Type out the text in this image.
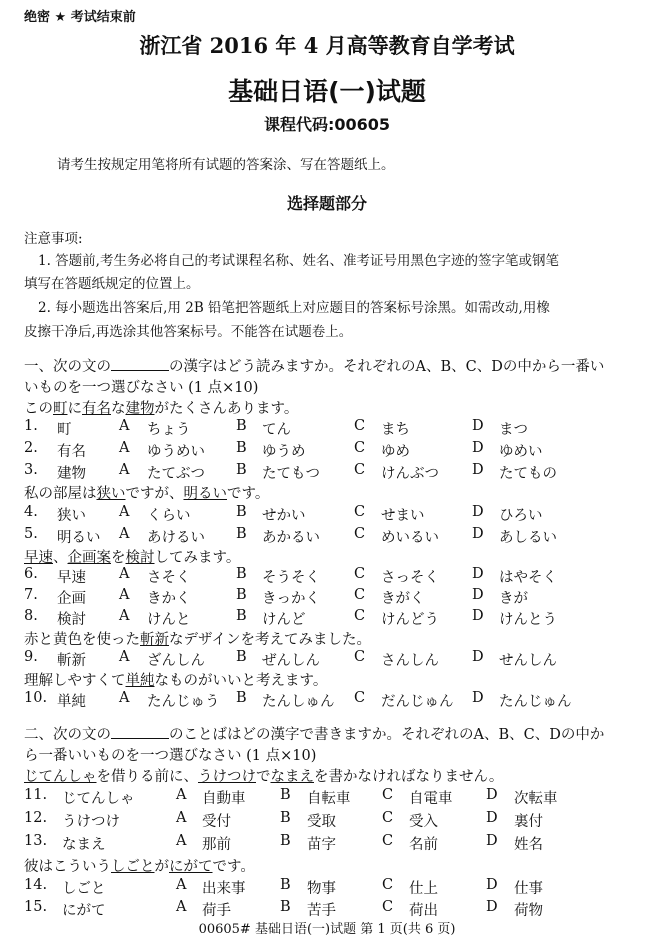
绝密 ★ 考试结束前
浙江省 2016 年 4 月高等教育自学考试
基础日语(一)试题
课程代码:00605
请考生按规定用笔将所有试题的答案涂、写在答题纸上。
选择题部分
注意事项:
1. 答题前,考生务必将自己的考试课程名称、姓名、准考证号用黑色字迹的签字笔或钢笔
填写在答题纸规定的位置上。
2. 每小题选出答案后,用 2B 铅笔把答题纸上对应题目的答案标号涂黑。如需改动,用橡
皮擦干净后,再选涂其他答案标号。不能答在试题卷上。
一、次の文の	の漢字はどう読みますか。それぞれのA、B、C、Dの中から一番い
いものを一つ選びなさい (1 点×10)
この町に有名な建物がたくさんあります。
1. 町	A ちょう	B てん	C まち	D まつ
2. 有名 A ゆうめい B ゆうめ	C ゆめ	D ゆめい
3. 建物 A たてぶつ B たてもつ C けんぶつ D たてもの
私の部屋は狭いですが、明るいです。
4. 狭い A くらい	B せかい	C せまい	D ひろい
5. 明るい A あけるい B あかるい C めいるい D あしるい
早速、企画案を検討してみます。
6. 早速 A さそく	B そうそく C さっそく D はやそく
7. 企画 A きかく	B きっかく C きがく	D きが
8. 検討 A けんと	B けんど	C けんどう D けんとう
赤と黄色を使った斬新なデザインを考えてみました。
9. 斬新 A ざんしん B ぜんしん C さんしん D せんしん
理解しやすくて単純なものがいいと考えます。
10. 単純 A たんじゅう B たんしゅん C だんじゅん D たんじゅん
二、次の文の	のことばはどの漢字で書きますか。それぞれのA、B、C、Dの中か
ら一番いいものを一つ選びなさい (1 点×10)
じてんしゃを借りる前に、うけつけでなまえを書かなければなりません。
11. じてんしゃ	A 自動車 B 自転車 C 自電車 D 次転車
12. うけつけ	A 受付	B 受取	C 受入	D 裏付
13. なまえ	A 那前	B 苗字	C 名前	D 姓名
彼はこういうしごとがにがてです。
14. しごと	A 出来事 B 物事	C 仕上	D 仕事
15. にがて	A 荷手	B 苦手	C 荷出	D 荷物
00605# 基础日语(一)试题 第 1 页(共 6 页)
